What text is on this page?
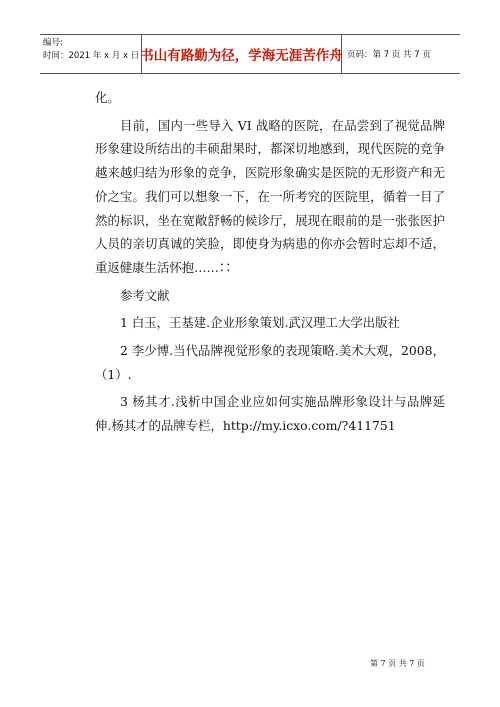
编号:
时间：2021 年 x 月 x 日 书山有路勤为径，学海无涯苦作舟 页码：第 7 页 共 7 页

化。

目前，国内一些导入 VI 战略的医院，在品尝到了视觉品牌形象建设所结出的丰硕甜果时，都深切地感到，现代医院的竞争越来越归结为形象的竞争，医院形象确实是医院的无形资产和无价之宝。我们可以想象一下，在一所考究的医院里，循着一目了然的标识，坐在宽敞舒畅的候诊厅，展现在眼前的是一张张医护人员的亲切真诚的笑脸，即使身为病患的你亦会暂时忘却不适，重返健康生活怀抱……∷

参考文献

1 白玉，王基建.企业形象策划.武汉理工大学出版社

2 李少博.当代品牌视觉形象的表现策略.美术大观，2008，（1）.

3 杨其才.浅析中国企业应如何实施品牌形象设计与品牌延伸.杨其才的品牌专栏，http://my.icxo.com/?411751

第 7 页 共 7 页
